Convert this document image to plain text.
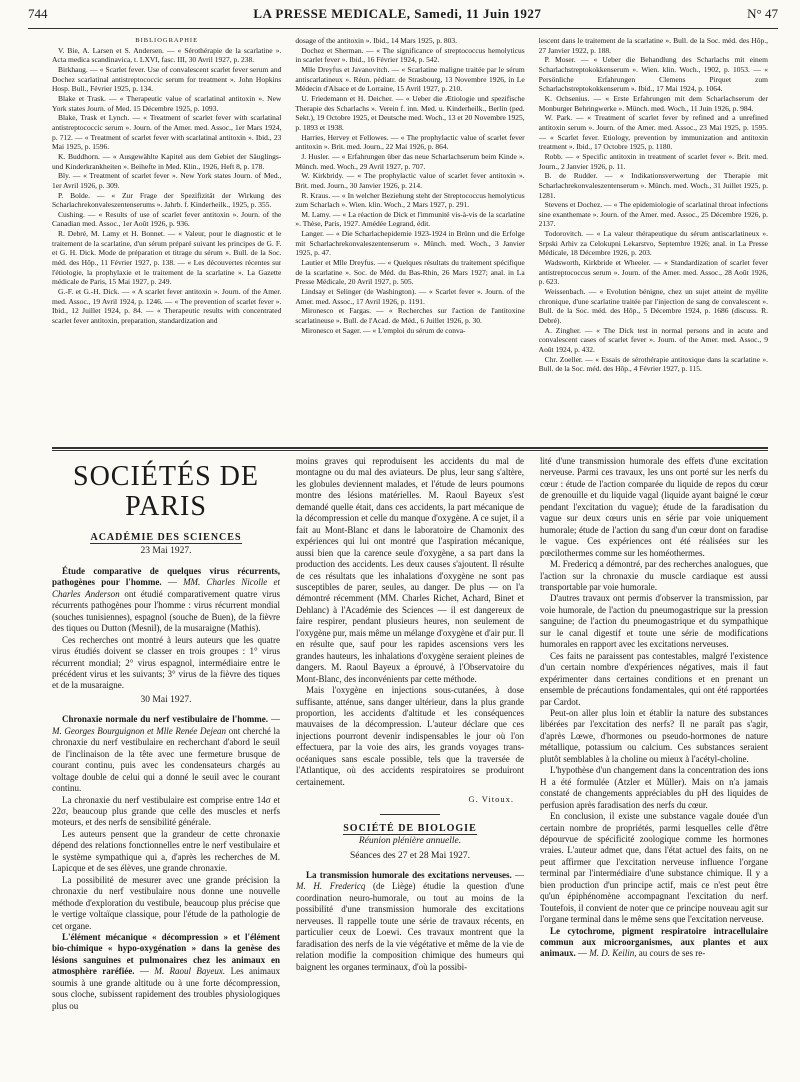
744	LA PRESSE MEDICALE, Samedi, 11 Juin 1927	N° 47

BIBLIOGRAPHIE

V. Bie, A. Larsen et S. Andersen. — « Sérothérapie de la scarlatine ». Acta medica scandinavica, t. LXVI, fasc. III, 30 Avril 1927, p. 238.

Birkhaug. — « Scarlet fever. Use of convalescent scarlet fever serum and Dochez scarlatinal antistreptococcic serum for treatment ». John Hopkins Hosp. Bull., Février 1925, p. 134.

Blake et Trask. — « Therapeutic value of scarlatinal antitoxin ». New York states Journ. of Med. 15 Décembre 1925, p. 1093.

Blake, Trask et Lynch. — « Treatment of scarlet fever with scarlatinal antistreptococcic serum ». Journ. of the Amer. med. Assoc., 1er Mars 1924, p. 712. — « Treatment of scarlet fever with scarlatinal antitoxin ». Ibid., 23 Mai 1925, p. 1596.

K. Buddhorn. — « Ausgewählte Kapitel aus dem Gebiet der Säuglings- und Kinderkrankheiten ». Beihefte in Med. Klin., 1926, Heft 8, p. 178.

Bly. — « Treatment of scarlet fever ». New York states Journ. of Med., 1er Avril 1926, p. 309.

P. Bolde. — « Zur Frage der Spezifizität der Wirkung des Scharlachrekonvaleszentenserums ». Jahrb. f. Kinderheilk., 1925, p. 355.

Cushing. — « Results of use of scarlet fever antitoxin ». Journ. of the Canadian med. Assoc., 1er Août 1926, p. 936.

R. Debré, M. Lamy et H. Bonnet. — « Valeur, pour le diagnostic et le traitement de la scarlatine, d'un sérum préparé suivant les principes de G. F. et G. H. Dick. Mode de préparation et titrage du sérum ». Bull. de la Soc. méd. des Hôp., 11 Février 1927, p. 138. — « Les découvertes récentes sur l'étiologie, la prophylaxie et le traitement de la scarlatine ». La Gazette médicale de Paris, 15 Mai 1927, p. 249.

G.-F. et G.-H. Dick. — « A scarlet fever antitoxin ». Journ. of the Amer. med. Assoc., 19 Avril 1924, p. 1246. — « The prevention of scarlet fever ». Ibid., 12 Juillet 1924, p. 84. — « Therapeutic results with concentrated scarlet fever antitoxin, preparation, standardization and

dosage of the antitoxin ». Ibid., 14 Mars 1925, p. 803.

Dochez et Sherman. — « The significance of streptococcus hemolyticus in scarlet fever ». Ibid., 16 Février 1924, p. 542.

Mlle Dreyfus et Javanovitch. — « Scarlatine maligne traitée par le sérum antiscarlatineux ». Réun. pédiatr. de Strasbourg, 13 Novembre 1926, in Le Médecin d'Alsace et de Lorraine, 15 Avril 1927, p. 210.

U. Friedemann et H. Deicher. — « Ueber die Ætiologie und spezifische Therapie des Scharlachs ». Verein f. inn. Med. u. Kinderheilk., Berlin (ped. Sekt.), 19 Octobre 1925, et Deutsche med. Woch., 13 et 20 Novembre 1925, p. 1893 et 1938.

Harries, Hervey et Fellowes. — « The prophylactic value of scarlet fever antitoxin ». Brit. med. Journ., 22 Mai 1926, p. 864.

J. Husler. — « Erfahrungen über das neue Scharlachserum beim Kinde ». Münch. med. Woch., 29 Avril 1927, p. 707.

W. Kirkbridy. — « The prophylactic value of scarlet fever antitoxin ». Brit. med. Journ., 30 Janvier 1926, p. 214.

R. Kraus. — « In welcher Beziehung steht der Streptococcus hemolyticus zum Scharlach ». Wien. klin. Woch., 2 Mars 1927, p. 291.

M. Lamy. — « La réaction de Dick et l'immunité vis-à-vis de la scarlatine ». Thèse, Paris, 1927. Amédée Legrand, édit.

Langer. — « Die Scharlachepidemie 1923-1924 in Brünn und die Erfolge mit Scharlachrekonvaleszentenserum ». Münch. med. Woch., 3 Janvier 1925, p. 47.

Lautier et Mlle Dreyfus. — « Quelques résultats du traitement spécifique de la scarlatine ». Soc. de Méd. du Bas-Rhin, 26 Mars 1927; anal. in La Presse Médicale, 20 Avril 1927, p. 505.

Lindsay et Selinger (de Washington). — « Scarlet fever ». Journ. of the Amer. med. Assoc., 17 Avril 1926, p. 1191.

Mironesco et Fargas. — « Recherches sur l'action de l'antitoxine scarlatineuse ». Bull. de l'Acad. de Méd., 6 Juillet 1926, p. 30.

Mironesco et Sager. — « L'emploi du sérum de conva-

lescent dans le traitement de la scarlatine ». Bull. de la Soc. méd. des Hôp., 27 Janvier 1922, p. 188.

P. Moser. — « Ueber die Behandlung des Scharlachs mit einem Scharlachstreptokokkenserum ». Wien. klin. Woch., 1902, p. 1053. — « Persönliche Erfahrungen Clemens Pirquet zum Scharlachstreptokokkenserum ». Ibid., 17 Mai 1924, p. 1064.

K. Ochsenius. — « Erste Erfahrungen mit dem Scharlachserum der Monburger Behringwerke ». Münch. med. Woch., 11 Juin 1926, p. 984.

W. Park. — « Treatment of scarlet fever by refined and a unrefined antitoxin serum ». Journ. of the Amer. med. Assoc., 23 Mai 1925, p. 1595. — « Scarlet fever. Etiology, prevention by immunization and antitoxin treatment ». Ibid., 17 Octobre 1925, p. 1180.

Robb. — « Specific antitoxin in treatment of scarlet fever ». Brit. med. Journ., 2 Janvier 1926, p. 11.

B. de Rudder. — « Indikationsverwertung der Therapie mit Scharlachrekonvaleszentenserum ». Münch. med. Woch., 31 Juillet 1925, p. 1281.

Stevens et Dochez. — « The epidemiologie of scarlatinal throat infections sine exanthemate ». Journ. of the Amer. med. Assoc., 25 Décembre 1926, p. 2137.

Todorovitch. — « La valeur thérapeutique du sérum antiscarlatineux ». Srpski Arhiv za Celokupni Lekarstvo, Septembre 1926; anal. in La Presse Médicale, 18 Décembre 1926, p. 203.

Wadsworth, Kirkbride et Wheeler. — « Standardization of scarlet fever antistreptococcus serum ». Journ. of the Amer. med. Assoc., 28 Août 1926, p. 623.

Weissenbach. — « Evolution bénigne, chez un sujet atteint de myélite chronique, d'une scarlatine traitée par l'injection de sang de convalescent ». Bull. de la Soc. méd. des Hôp., 5 Décembre 1924, p. 1686 (discuss. R. Debré).

A. Zingher. — « The Dick test in normal persons and in acute and convalescent cases of scarlet fever ». Journ. of the Amer. med. Assoc., 9 Août 1924, p. 432.

Chr. Zoeller. — « Essais de sérothérapie antitoxique dans la scarlatine ». Bull. de la Soc. méd. des Hôp., 4 Février 1927, p. 115.

SOCIÉTÉS DE PARIS
ACADÉMIE DES SCIENCES
23 Mai 1927.

Étude comparative de quelques virus récurrents, pathogènes pour l'homme. — MM. Charles Nicolle et Charles Anderson ont étudié comparativement quatre virus récurrents pathogènes pour l'homme : virus récurrent mondial (souches tunisiennes), espagnol (souche de Buen), de la fièvre des tiques ou Dutton (Mesnil), de la musaraigne (Mathis).

Ces recherches ont montré à leurs auteurs que les quatre virus étudiés doivent se classer en trois groupes : 1° virus récurrent mondial; 2° virus espagnol, intermédiaire entre le précédent virus et les suivants; 3° virus de la fièvre des tiques et de la musaraigne.

30 Mai 1927.

Chronaxie normale du nerf vestibulaire de l'homme. — M. Georges Bourguignon et Mlle Renée Dejean ont cherché la chronaxie du nerf vestibulaire en recherchant d'abord le seuil de l'inclinaison de la tête avec une fermeture brusque de courant continu, puis avec les condensateurs chargés au voltage double de celui qui a donné le seuil avec le courant continu.

La chronaxie du nerf vestibulaire est comprise entre 14σ et 22σ, beaucoup plus grande que celle des muscles et nerfs moteurs, et des nerfs de sensibilité générale.

Les auteurs pensent que la grandeur de cette chronaxie dépend des relations fonctionnelles entre le nerf vestibulaire et le système sympathique qui a, d'après les recherches de M. Lapicque et de ses élèves, une grande chronaxie.

La possibilité de mesurer avec une grande précision la chronaxie du nerf vestibulaire nous donne une nouvelle méthode d'exploration du vestibule, beaucoup plus précise que le vertige voltaïque classique, pour l'étude de la pathologie de cet organe.

L'élément mécanique « décompression » et l'élément bio-chimique « hypo-oxygénation » dans la genèse des lésions sanguines et pulmonaires chez les animaux en atmosphère raréfiée. — M. Raoul Bayeux. Les animaux soumis à une grande altitude ou à une forte décompression, sous cloche, subissent rapidement des troubles physiologiques plus ou

moins graves qui reproduisent les accidents du mal de montagne ou du mal des aviateurs. De plus, leur sang s'altère, les globules deviennent malades, et l'étude de leurs poumons montre des lésions matérielles. M. Raoul Bayeux s'est demandé quelle était, dans ces accidents, la part mécanique de la décompression et celle du manque d'oxygène. A ce sujet, il a fait au Mont-Blanc et dans le laboratoire de Chamonix des expériences qui lui ont montré que l'aspiration mécanique, aussi bien que la carence seule d'oxygène, a sa part dans la production des accidents. Les deux causes s'ajoutent. Il résulte de ces résultats que les inhalations d'oxygène ne sont pas susceptibles de parer, seules, au danger. De plus — on l'a démontré récemment (MM. Charles Richet, Achard, Binet et Dehlanc) à l'Académie des Sciences — il est dangereux de faire respirer, pendant plusieurs heures, non seulement de l'oxygène pur, mais même un mélange d'oxygène et d'air pur. Il en résulte que, sauf pour les rapides ascensions vers les grandes hauteurs, les inhalations d'oxygène seraient pleines de dangers. M. Raoul Bayeux a éprouvé, à l'Observatoire du Mont-Blanc, des inconvénients par cette méthode.

Mais l'oxygène en injections sous-cutanées, à dose suffisante, atténue, sans danger ultérieur, dans la plus grande proportion, les accidents d'altitude et les conséquences mauvaises de la décompression. L'auteur déclare que ces injections pourront devenir indispensables le jour où l'on effectuera, par la voie des airs, les grands voyages trans-océaniques sans escale possible, tels que la traversée de l'Atlantique, où des accidents respiratoires se produiront certainement.

G. Vitoux.
SOCIÉTÉ DE BIOLOGIE
Réunion plénière annuelle.
Séances des 27 et 28 Mai 1927.

La transmission humorale des excitations nerveuses. — M. H. Fredericq (de Liège) étudie la question d'une coordination neuro-humorale, ou tout au moins de la possibilité d'une transmission humorale des excitations nerveuses. Il rappelle toute une série de travaux récents, en particulier ceux de Loewi. Ces travaux montrent que la faradisation des nerfs de la vie végétative et même de la vie de relation modifie la composition chimique des humeurs qui baignent les organes terminaux, d'où la possibi-

lité d'une transmission humorale des effets d'une excitation nerveuse. Parmi ces travaux, les uns ont porté sur les nerfs du cœur : étude de l'action comparée du liquide de repos du cœur de grenouille et du liquide vagal (liquide ayant baigné le cœur pendant l'excitation du vague); étude de la faradisation du vague sur deux cœurs unis en série par voie uniquement humorale; étude de l'action du sang d'un cœur dont on faradise le vague. Ces expériences ont été réalisées sur les pœcilothermes comme sur les homéothermes.

M. Fredericq a démontré, par des recherches analogues, que l'action sur la chronaxie du muscle cardiaque est aussi transportable par voie humorale.

D'autres travaux ont permis d'observer la transmission, par voie humorale, de l'action du pneumogastrique sur la pression sanguine; de l'action du pneumogastrique et du sympathique sur le canal digestif et toute une série de modifications humorales en rapport avec les excitations nerveuses.

Ces faits ne paraissent pas contestables, malgré l'existence d'un certain nombre d'expériences négatives, mais il faut expérimenter dans certaines conditions et en prenant un ensemble de précautions fondamentales, qui ont été rapportées par Cardot.

Peut-on aller plus loin et établir la nature des substances libérées par l'excitation des nerfs? Il ne paraît pas s'agir, d'après Lœwe, d'hormones ou pseudo-hormones de nature métallique, potassium ou calcium. Ces substances seraient plutôt semblables à la choline ou mieux à l'acétyl-choline.

L'hypothèse d'un changement dans la concentration des ions H a été formulée (Atzler et Müller). Mais on n'a jamais constaté de changements appréciables du pH des liquides de perfusion après faradisation des nerfs du cœur.

En conclusion, il existe une substance vagale douée d'un certain nombre de propriétés, parmi lesquelles celle d'être dépourvue de spécificité zoologique comme les hormones vraies. L'auteur admet que, dans l'état actuel des faits, on ne peut affirmer que l'excitation nerveuse influence l'organe terminal par l'intermédiaire d'une substance chimique. Il y a bien production d'un principe actif, mais ce n'est peut être qu'un épiphénomène accompagnant l'excitation du nerf. Toutefois, il convient de noter que ce principe nouveau agit sur l'organe terminal dans le même sens que l'excitation nerveuse.

Le cytochrome, pigment respiratoire intracellulaire commun aux microorganismes, aux plantes et aux animaux. — M. D. Keilin, au cours de ses re-
